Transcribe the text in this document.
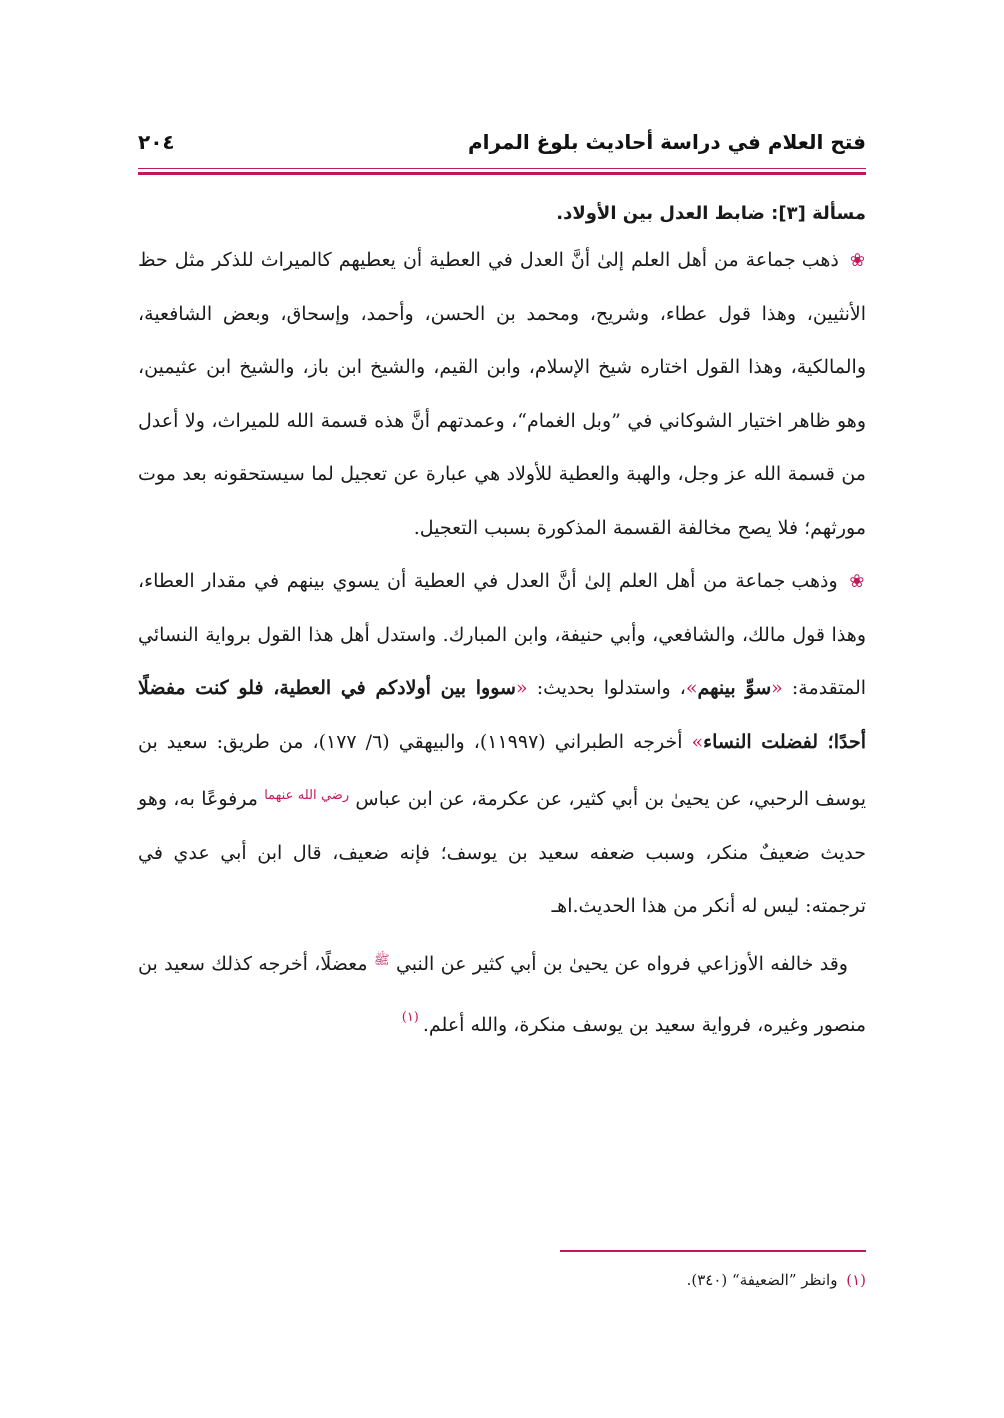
فتح العلام في دراسة أحاديث بلوغ المرام
٢٠٤
مسألة [٣]: ضابط العدل بين الأولاد.

❀ ذهب جماعة من أهل العلم إلىٰ أنَّ العدل في العطية أن يعطيهم كالميراث للذكر مثل حظ الأنثيين، وهذا قول عطاء، وشريح، ومحمد بن الحسن، وأحمد، وإسحاق، وبعض الشافعية، والمالكية، وهذا القول اختاره شيخ الإسلام، وابن القيم، والشيخ ابن باز، والشيخ ابن عثيمين، وهو ظاهر اختيار الشوكاني في ”وبل الغمام“، وعمدتهم أنَّ هذه قسمة الله للميراث، ولا أعدل من قسمة الله عز وجل، والهبة والعطية للأولاد هي عبارة عن تعجيل لما سيستحقونه بعد موت مورثهم؛ فلا يصح مخالفة القسمة المذكورة بسبب التعجيل.

❀ وذهب جماعة من أهل العلم إلىٰ أنَّ العدل في العطية أن يسوي بينهم في مقدار العطاء، وهذا قول مالك، والشافعي، وأبي حنيفة، وابن المبارك. واستدل أهل هذا القول برواية النسائي المتقدمة: «سوِّ بينهم»، واستدلوا بحديث: «سووا بين أولادكم في العطية، فلو كنت مفضلًا أحدًا؛ لفضلت النساء» أخرجه الطبراني (١١٩٩٧)، والبيهقي (٦/ ١٧٧)، من طريق: سعيد بن يوسف الرحبي، عن يحيىٰ بن أبي كثير، عن عكرمة، عن ابن عباس $^{رضي الله عنهما}$ مرفوعًا به، وهو حديث ضعيفٌ منكر، وسبب ضعفه سعيد بن يوسف؛ فإنه ضعيف، قال ابن أبي عدي في ترجمته: ليس له أنكر من هذا الحديث.اهـ

وقد خالفه الأوزاعي فرواه عن يحيىٰ بن أبي كثير عن النبي $^ﷺ$ معضلًا، أخرجه كذلك سعيد بن منصور وغيره، فرواية سعيد بن يوسف منكرة، والله أعلم.$^{(١)}$

(١) وانظر ”الضعيفة“ (٣٤٠).
